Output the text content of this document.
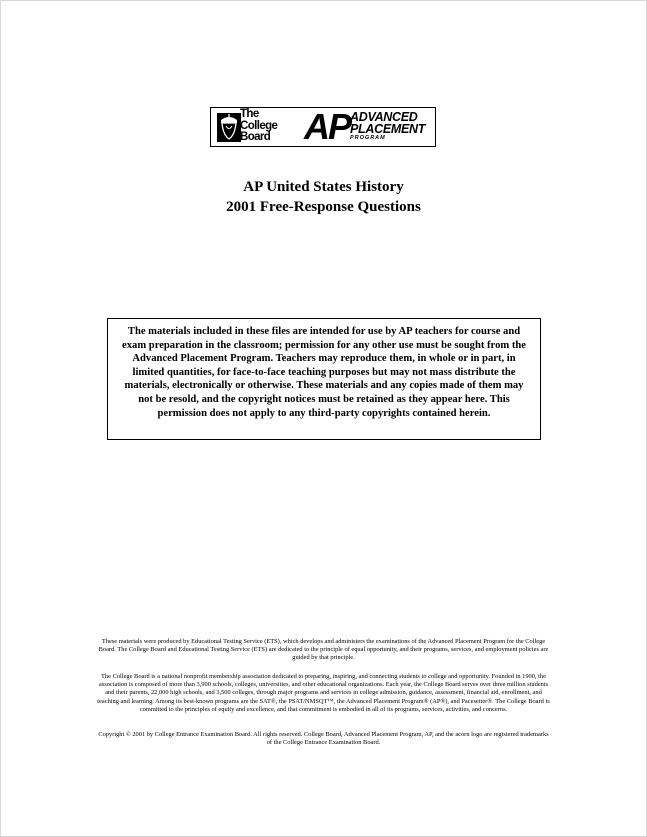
The
College
Board AP ADVANCED
PLACEMENT
PROGRAM
AP United States History
2001 Free-Response Questions
The materials included in these files are intended for use by AP teachers for course and exam preparation in the classroom; permission for any other use must be sought from the Advanced Placement Program. Teachers may reproduce them, in whole or in part, in limited quantities, for face-to-face teaching purposes but may not mass distribute the materials, electronically or otherwise. These materials and any copies made of them may not be resold, and the copyright notices must be retained as they appear here. This permission does not apply to any third-party copyrights contained herein.
These materials were produced by Educational Testing Service (ETS), which develops and administers the examinations of the Advanced Placement Program for the College Board. The College Board and Educational Testing Service (ETS) are dedicated to the principle of equal opportunity, and their programs, services, and employment policies are guided by that principle.
The College Board is a national nonprofit membership association dedicated to preparing, inspiring, and connecting students to college and opportunity. Founded in 1900, the association is composed of more than 3,900 schools, colleges, universities, and other educational organizations. Each year, the College Board serves over three million students and their parents, 22,000 high schools, and 3,500 colleges, through major programs and services in college admission, guidance, assessment, financial aid, enrollment, and teaching and learning. Among its best-known programs are the SAT®, the PSAT/NMSQT™, the Advanced Placement Program® (AP®), and Pacesetter®. The College Board is committed to the principles of equity and excellence, and that commitment is embodied in all of its programs, services, activities, and concerns.
Copyright © 2001 by College Entrance Examination Board. All rights reserved. College Board, Advanced Placement Program, AP, and the acorn logo are registered trademarks of the College Entrance Examination Board.
